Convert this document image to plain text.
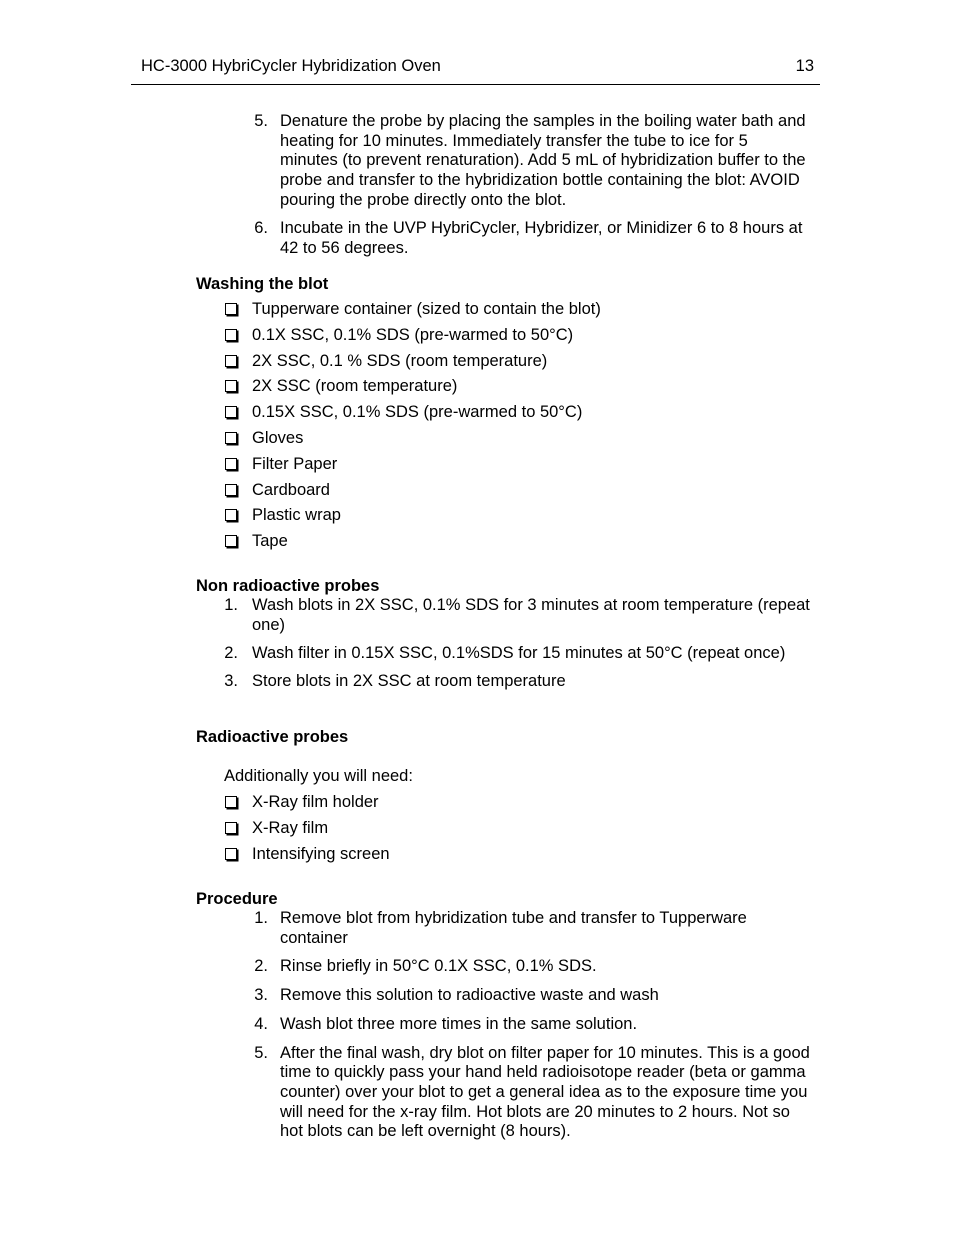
HC-3000 HybriCycler Hybridization Oven	13
5. Denature the probe by placing the samples in the boiling water bath and heating for 10 minutes. Immediately transfer the tube to ice for 5 minutes (to prevent renaturation). Add 5 mL of hybridization buffer to the probe and transfer to the hybridization bottle containing the blot: AVOID pouring the probe directly onto the blot.
6. Incubate in the UVP HybriCycler, Hybridizer, or Minidizer 6 to 8 hours at 42 to 56 degrees.
Washing the blot
Tupperware container (sized to contain the blot)
0.1X SSC, 0.1% SDS (pre-warmed to 50°C)
2X SSC, 0.1 % SDS (room temperature)
2X SSC (room temperature)
0.15X SSC, 0.1% SDS (pre-warmed to 50°C)
Gloves
Filter Paper
Cardboard
Plastic wrap
Tape
Non radioactive probes
1. Wash blots in 2X SSC, 0.1% SDS for 3 minutes at room temperature (repeat one)
2. Wash filter in 0.15X SSC, 0.1%SDS for 15 minutes at 50°C (repeat once)
3. Store blots in 2X SSC at room temperature
Radioactive probes
Additionally you will need:
X-Ray film holder
X-Ray film
Intensifying screen
Procedure
1. Remove blot from hybridization tube and transfer to Tupperware container
2. Rinse briefly in 50°C 0.1X SSC, 0.1% SDS.
3. Remove this solution to radioactive waste and wash
4. Wash blot three more times in the same solution.
5. After the final wash, dry blot on filter paper for 10 minutes. This is a good time to quickly pass your hand held radioisotope reader (beta or gamma counter) over your blot to get a general idea as to the exposure time you will need for the x-ray film. Hot blots are 20 minutes to 2 hours. Not so hot blots can be left overnight (8 hours).
